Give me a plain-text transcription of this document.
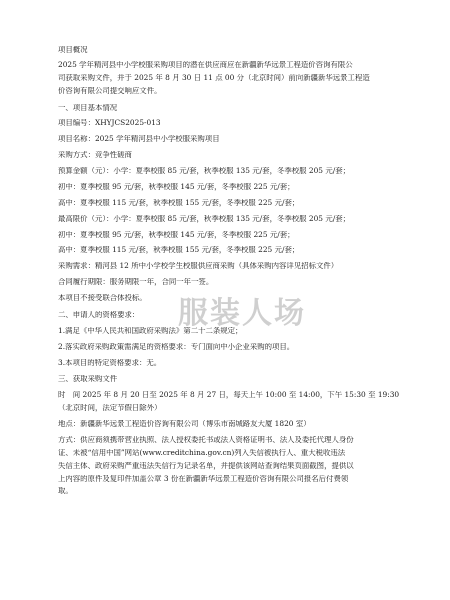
项目概况
2025 学年精河县中小学校服采购项目的潜在供应商应在新疆新华远景工程造价咨询有限公
司获取采购文件，并于 2025 年 8 月 30 日 11 点 00 分（北京时间）前向新疆新华远景工程造
价咨询有限公司提交响应文件。
一、项目基本情况
项目编号：XHYJCS2025-013
项目名称：2025 学年精河县中小学校服采购项目
采购方式：竞争性磋商
预算金额（元）：小学：夏季校服 85 元/套，秋季校服 135 元/套，冬季校服 205 元/套；
初中：夏季校服 95 元/套，秋季校服 145 元/套，冬季校服 225 元/套；
高中：夏季校服 115 元/套，秋季校服 155 元/套，冬季校服 225 元/套；
最高限价（元）：小学：夏季校服 85 元/套，秋季校服 135 元/套，冬季校服 205 元/套；
初中：夏季校服 95 元/套，秋季校服 145 元/套，冬季校服 225 元/套；
高中：夏季校服 115 元/套，秋季校服 155 元/套，冬季校服 225 元/套；
采购需求：精河县 12 所中小学校学生校服供应商采购（具体采购内容详见招标文件）
合同履行期限：服务期限一年，合同一年一签。
本项目不接受联合体投标。
二、申请人的资格要求：
1.满足《中华人民共和国政府采购法》第二十二条规定；
2.落实政府采购政策需满足的资格要求：专门面向中小企业采购的项目。
3.本项目的特定资格要求：无。
三、获取采购文件
时　间 2025 年 8 月 20 日至 2025 年 8 月 27 日，每天上午 10:00 至 14:00，下午 15:30 至 19:30
（北京时间，法定节假日除外）
地点：新疆新华远景工程造价咨询有限公司（博乐市南城路友大厦 1820 室）
方式：供应商须携带营业执照、法人授权委托书或法人资格证明书、法人及委托代理人身份
证、未被“信用中国”网站(www.creditchina.gov.cn)列入失信被执行人、重大税收违法
失信主体、政府采购严重违法失信行为记录名单，并提供该网站查询结果页面截图，提供以
上内容的原件及复印件加盖公章 3 份在新疆新华远景工程造价咨询有限公司报名后付费领
取。
服装人场
